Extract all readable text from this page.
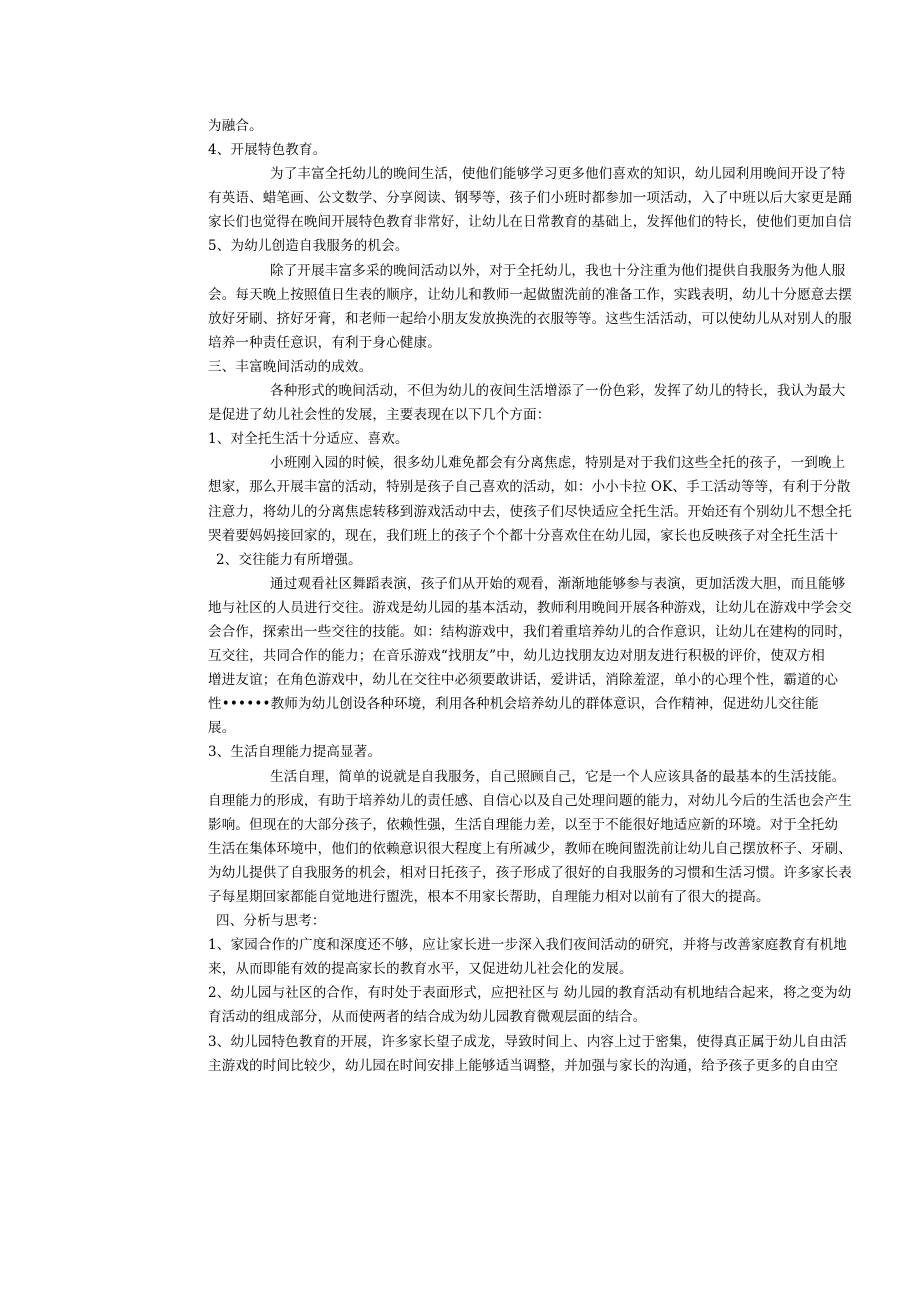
为融合。
4、开展特色教育。
为了丰富全托幼儿的晚间生活，使他们能够学习更多他们喜欢的知识，幼儿园利用晚间开设了特
有英语、蜡笔画、公文数学、分享阅读、钢琴等，孩子们小班时都参加一项活动，入了中班以后大家更是踊
家长们也觉得在晚间开展特色教育非常好，让幼儿在日常教育的基础上，发挥他们的特长，使他们更加自信
5、为幼儿创造自我服务的机会。
除了开展丰富多采的晚间活动以外，对于全托幼儿，我也十分注重为他们提供自我服务为他人服
会。每天晚上按照值日生表的顺序，让幼儿和教师一起做盥洗前的准备工作，实践表明，幼儿十分愿意去摆
放好牙刷、挤好牙膏，和老师一起给小朋友发放换洗的衣服等等。这些生活活动，可以使幼儿从对别人的服
培养一种责任意识，有利于身心健康。
三、丰富晚间活动的成效。
各种形式的晚间活动，不但为幼儿的夜间生活增添了一份色彩，发挥了幼儿的特长，我认为最大
是促进了幼儿社会性的发展，主要表现在以下几个方面：
1、对全托生活十分适应、喜欢。
小班刚入园的时候，很多幼儿难免都会有分离焦虑，特别是对于我们这些全托的孩子，一到晚上
想家，那么开展丰富的活动，特别是孩子自己喜欢的活动，如：小小卡拉 OK、手工活动等等，有利于分散
注意力，将幼儿的分离焦虑转移到游戏活动中去，使孩子们尽快适应全托生活。开始还有个别幼儿不想全托
哭着要妈妈接回家的，现在，我们班上的孩子个个都十分喜欢住在幼儿园，家长也反映孩子对全托生活十
2、交往能力有所增强。
通过观看社区舞蹈表演，孩子们从开始的观看，渐渐地能够参与表演，更加活泼大胆，而且能够
地与社区的人员进行交往。游戏是幼儿园的基本活动，教师利用晚间开展各种游戏，让幼儿在游戏中学会交
会合作，探索出一些交往的技能。如：结构游戏中，我们着重培养幼儿的合作意识，让幼儿在建构的同时，
互交往，共同合作的能力；在音乐游戏“找朋友”中，幼儿边找朋友边对朋友进行积极的评价，使双方相
增进友谊；在角色游戏中，幼儿在交往中必须要敢讲话，爱讲话，消除羞涩，单小的心理个性，霸道的心
性••••••教师为幼儿创设各种环境，利用各种机会培养幼儿的群体意识，合作精神，促进幼儿交往能
展。
3、生活自理能力提高显著。
生活自理，简单的说就是自我服务，自己照顾自己，它是一个人应该具备的最基本的生活技能。
自理能力的形成，有助于培养幼儿的责任感、自信心以及自己处理问题的能力，对幼儿今后的生活也会产生
影响。但现在的大部分孩子，依赖性强，生活自理能力差，以至于不能很好地适应新的环境。对于全托幼
生活在集体环境中，他们的依赖意识很大程度上有所减少，教师在晚间盥洗前让幼儿自己摆放杯子、牙刷、
为幼儿提供了自我服务的机会，相对日托孩子，孩子形成了很好的自我服务的习惯和生活习惯。许多家长表
子每星期回家都能自觉地进行盥洗，根本不用家长帮助，自理能力相对以前有了很大的提高。
四、分析与思考：
1、家园合作的广度和深度还不够，应让家长进一步深入我们夜间活动的研究，并将与改善家庭教育有机地
来，从而即能有效的提高家长的教育水平，又促进幼儿社会化的发展。
2、幼儿园与社区的合作，有时处于表面形式，应把社区与 幼儿园的教育活动有机地结合起来，将之变为幼
育活动的组成部分，从而使两者的结合成为幼儿园教育微观层面的结合。
3、幼儿园特色教育的开展，许多家长望子成龙，导致时间上、内容上过于密集，使得真正属于幼儿自由活
主游戏的时间比较少，幼儿园在时间安排上能够适当调整，并加强与家长的沟通，给予孩子更多的自由空
